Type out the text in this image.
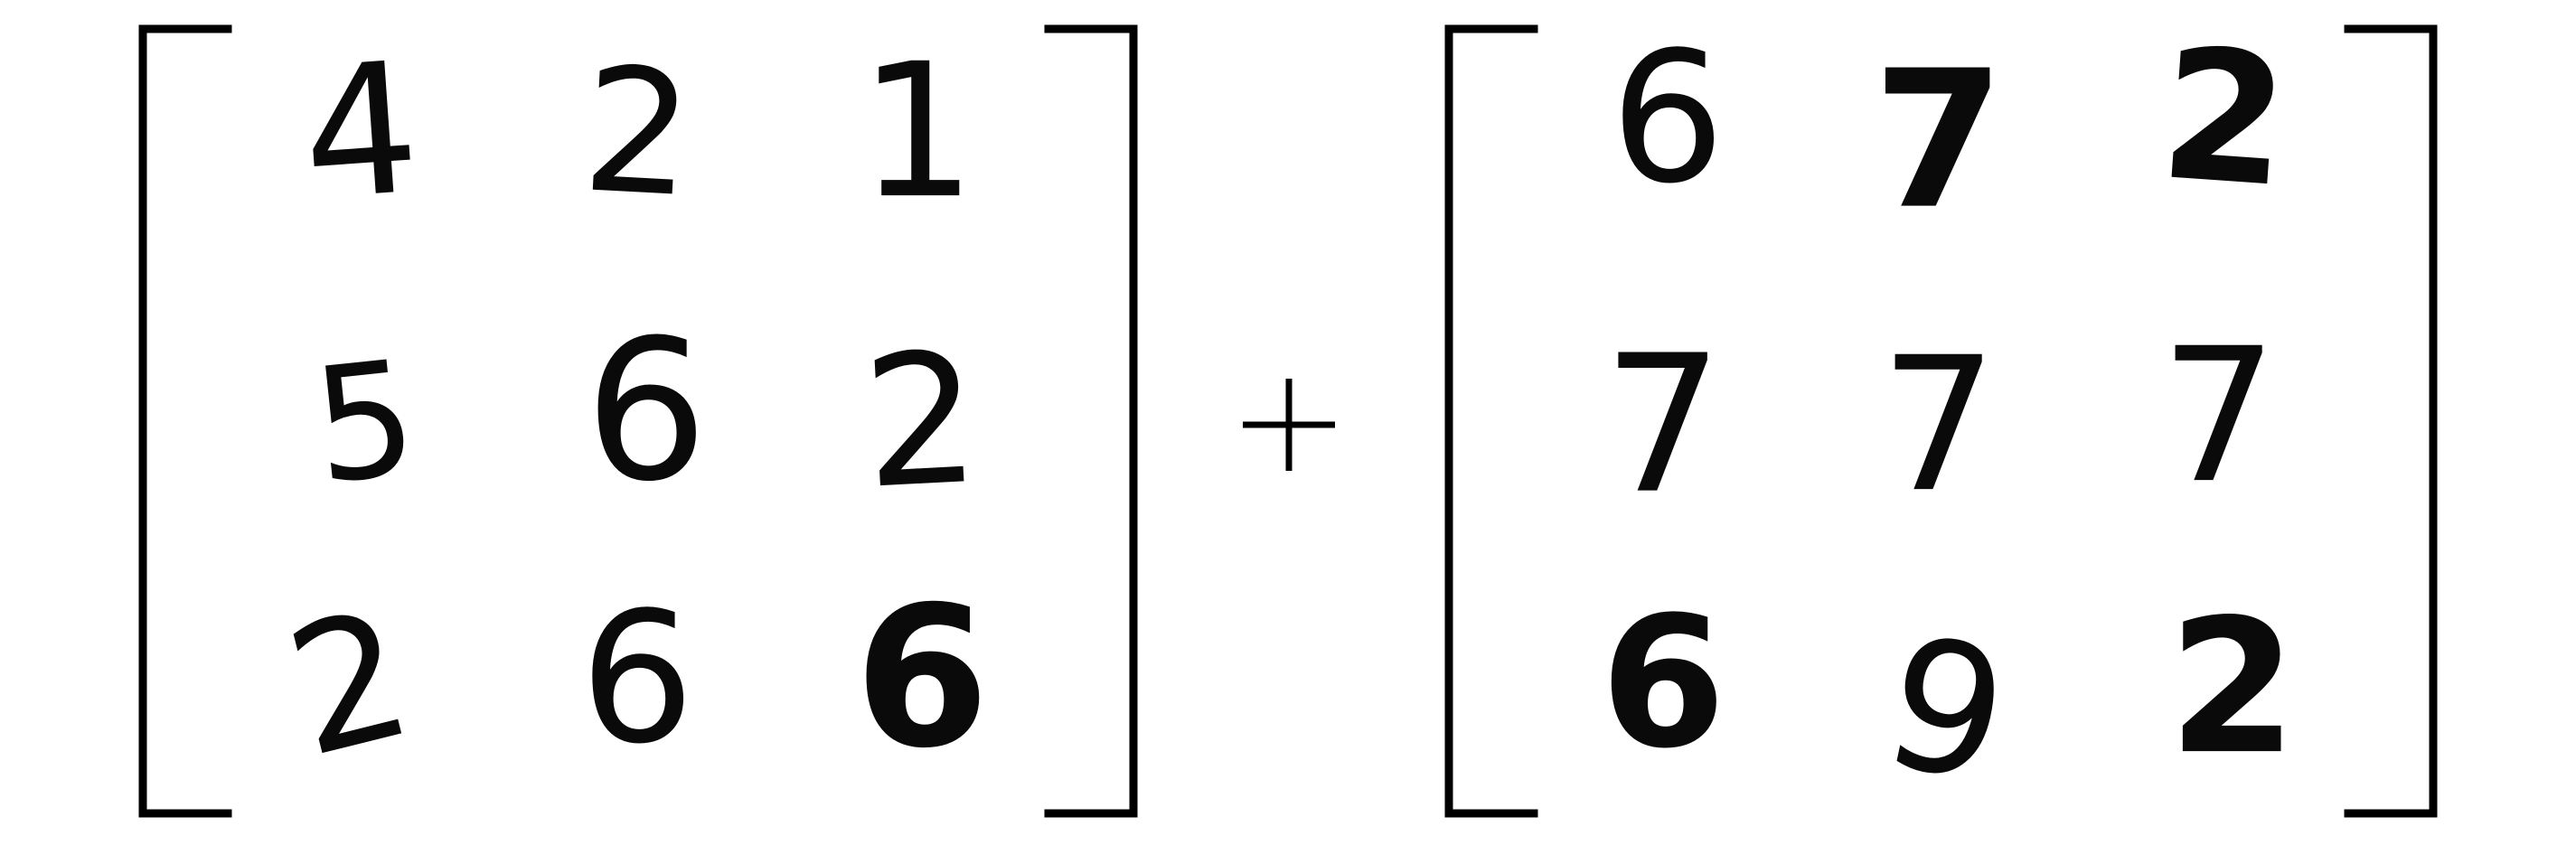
4 2 1
5 6 2
2 6 6
6 7 2
7 7 7
6 9 2
